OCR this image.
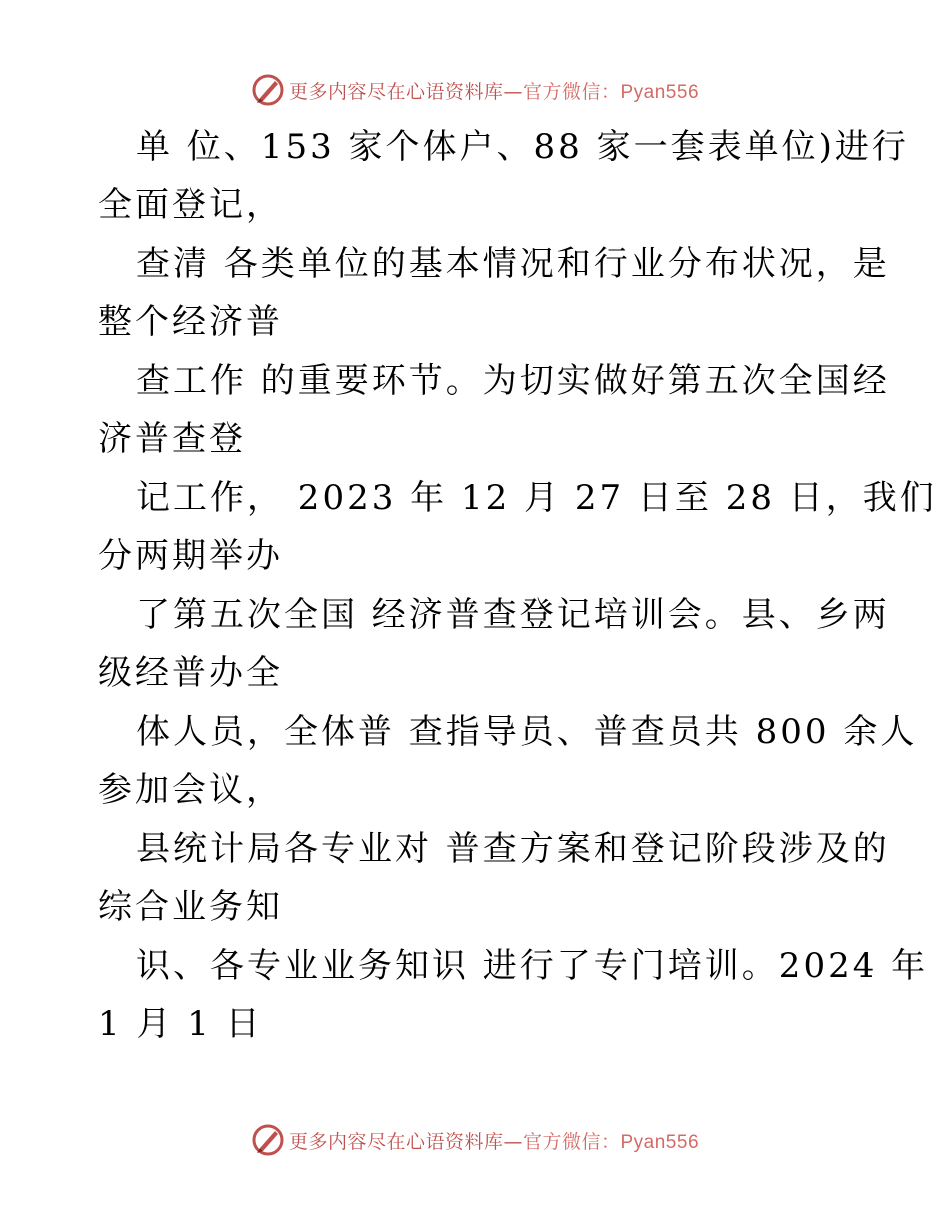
更多内容尽在心语资料库—官方微信：Pyan556
单 位、153 家个体户、88 家一套表单位)进行
全面登记，
查清 各类单位的基本情况和行业分布状况，是
整个经济普
查工作 的重要环节。为切实做好第五次全国经
济普查登
记工作， 2023 年 12 月 27 日至 28 日，我们
分两期举办
了第五次全国 经济普查登记培训会。县、乡两
级经普办全
体人员，全体普 查指导员、普查员共 800 余人
参加会议，
县统计局各专业对 普查方案和登记阶段涉及的
综合业务知
识、各专业业务知识 进行了专门培训。2024 年
1 月 1 日
更多内容尽在心语资料库—官方微信：Pyan556
